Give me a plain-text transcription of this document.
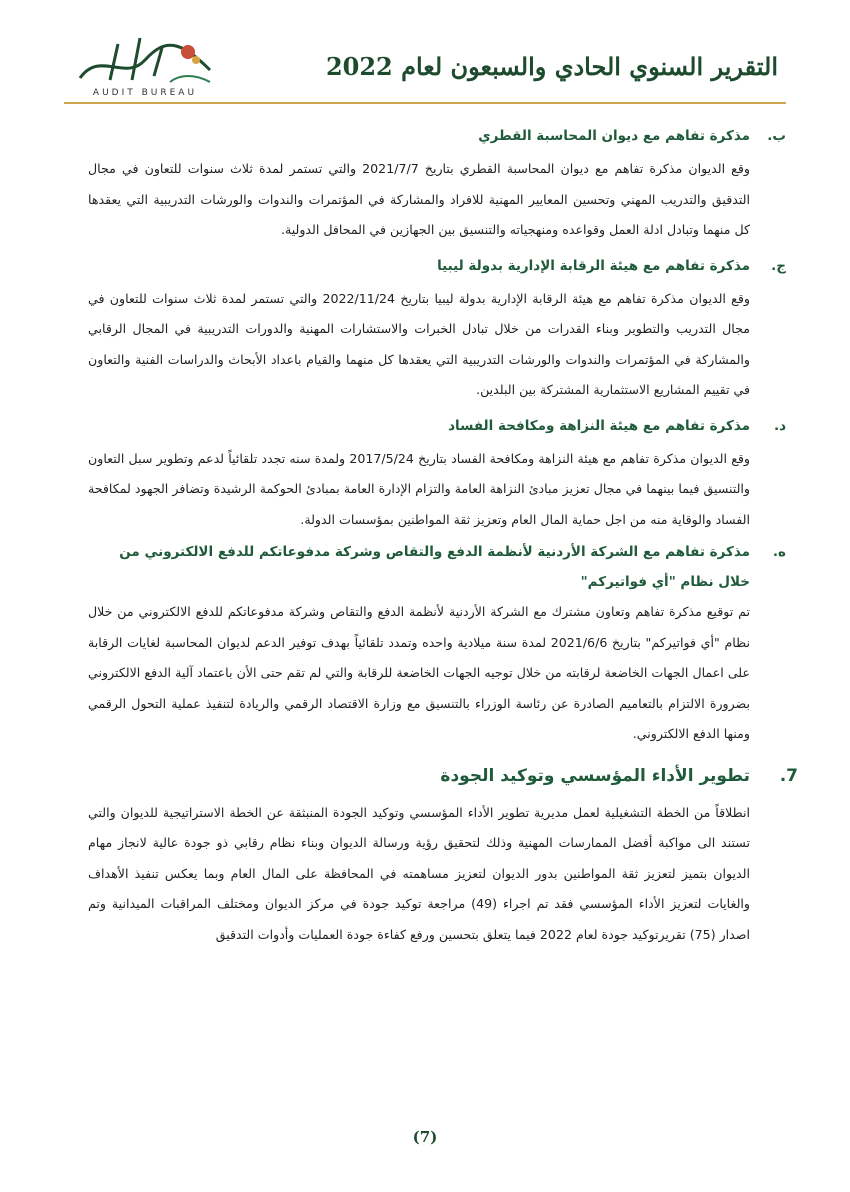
AUDIT BUREAU
التقرير السنوي الحادي والسبعون لعام 2022
ب.
مذكرة تفاهم مع ديوان المحاسبة القطري

وقع الديوان مذكرة تفاهم مع ديوان المحاسبة القطري بتاريخ 2021/7/7 والتي تستمر لمدة ثلاث سنوات للتعاون في مجال التدقيق والتدريب المهني وتحسين المعايير المهنية للافراد والمشاركة في المؤتمرات والندوات والورشات التدريبية التي يعقدها كل منهما وتبادل ادلة العمل وقواعده ومنهجياته والتنسيق بين الجهازين في المحافل الدولية.

ج.
مذكرة تفاهم مع هيئة الرقابة الإدارية بدولة ليبيا

وقع الديوان مذكرة تفاهم مع هيئة الرقابة الإدارية بدولة ليبيا بتاريخ 2022/11/24 والتي تستمر لمدة ثلاث سنوات للتعاون في مجال التدريب والتطوير وبناء القدرات من خلال تبادل الخبرات والاستشارات المهنية والدورات التدريبية في المجال الرقابي والمشاركة في المؤتمرات والندوات والورشات التدريبية التي يعقدها كل منهما والقيام باعداد الأبحاث والدراسات الفنية والتعاون في تقييم المشاريع الاستثمارية المشتركة بين البلدين.

د.
مذكرة تفاهم مع هيئة النزاهة ومكافحة الفساد

وقع الديوان مذكرة تفاهم مع هيئة النزاهة ومكافحة الفساد بتاريخ 2017/5/24 ولمدة سنه تجدد تلقائياً لدعم وتطوير سبل التعاون والتنسيق فيما بينهما في مجال تعزيز مبادئ النزاهة العامة والتزام الإدارة العامة بمبادئ الحوكمة الرشيدة وتضافر الجهود لمكافحة الفساد والوقاية منه من اجل حماية المال العام وتعزيز ثقة المواطنين بمؤسسات الدولة.

ه.
مذكرة تفاهم مع الشركة الأردنية لأنظمة الدفع والتقاص وشركة مدفوعاتكم للدفع الالكتروني من خلال نظام "أي فواتيركم"

تم توقيع مذكرة تفاهم وتعاون مشترك مع الشركة الأردنية لأنظمة الدفع والتقاص وشركة مدفوعاتكم للدفع الالكتروني من خلال نظام "أي فواتيركم" بتاريخ 2021/6/6 لمدة سنة ميلادية واحده وتمدد تلقائياً بهدف توفير الدعم لديوان المحاسبة لغايات الرقابة على اعمال الجهات الخاضعة لرقابته من خلال توجيه الجهات الخاضعة للرقابة والتي لم تقم حتى الأن باعتماد آلية الدفع الالكتروني بضرورة الالتزام بالتعاميم الصادرة عن رئاسة الوزراء بالتنسيق مع وزارة الاقتصاد الرقمي والريادة لتنفيذ عملية التحول الرقمي ومنها الدفع الالكتروني.

7.
تطوير الأداء المؤسسي وتوكيد الجودة

انطلاقاً من الخطة التشغيلية لعمل مديرية تطوير الأداء المؤسسي وتوكيد الجودة المنبثقة عن الخطة الاستراتيجية للديوان والتي تستند الى مواكبة أفضل الممارسات المهنية وذلك لتحقيق رؤية ورسالة الديوان وبناء نظام رقابي ذو جودة عالية لانجاز مهام الديوان بتميز لتعزيز ثقة المواطنين بدور الديوان لتعزيز مساهمته في المحافظة على المال العام وبما يعكس تنفيذ الأهداف والغايات لتعزيز الأداء المؤسسي فقد تم اجراء (49) مراجعة توكيد جودة في مركز الديوان ومختلف المراقبات الميدانية وتم اصدار (75) تقريرتوكيد جودة لعام 2022 فيما يتعلق بتحسين ورفع كفاءة جودة العمليات وأدوات التدقيق

(7)
